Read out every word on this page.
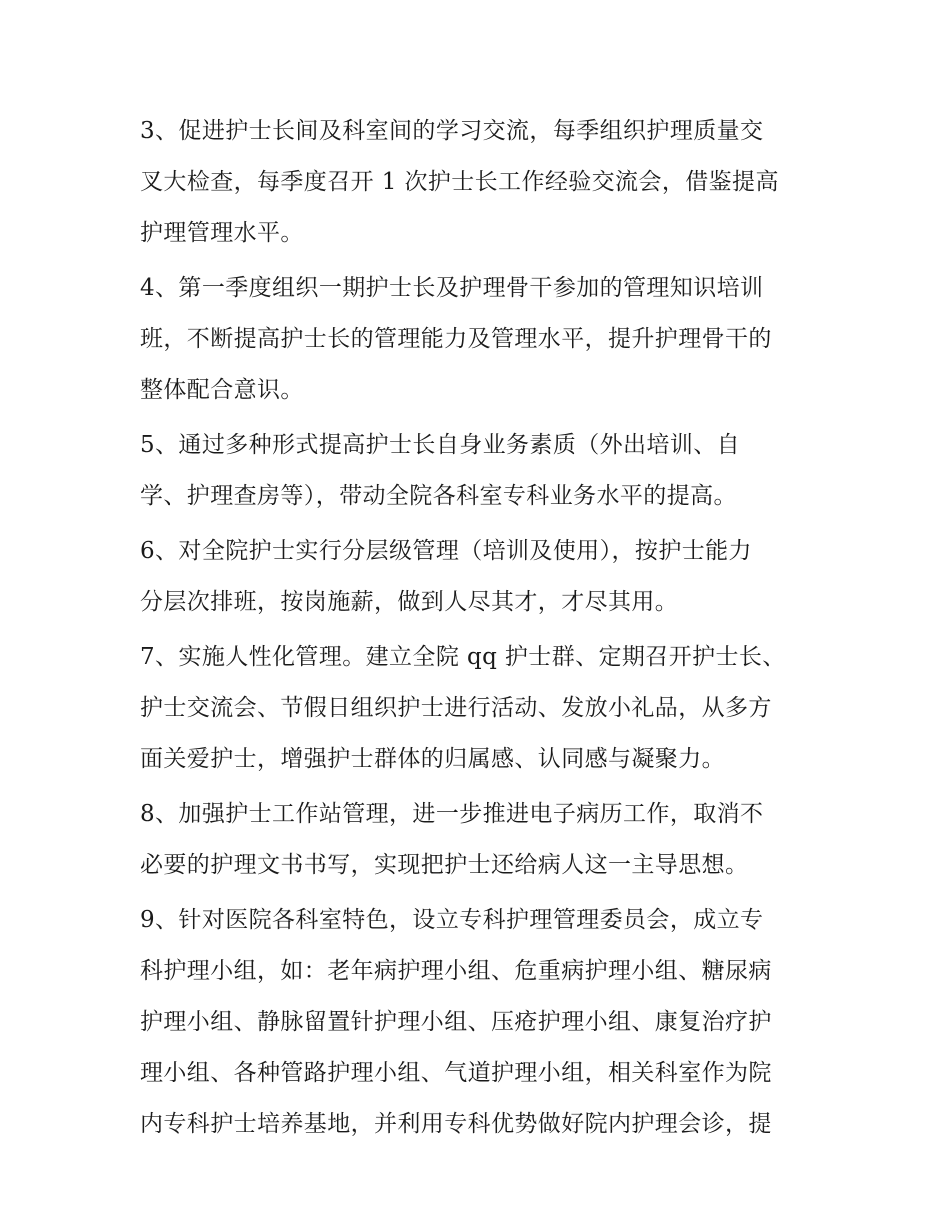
3、促进护士长间及科室间的学习交流，每季组织护理质量交
叉大检查，每季度召开 1 次护士长工作经验交流会，借鉴提高
护理管理水平。
4、第一季度组织一期护士长及护理骨干参加的管理知识培训
班，不断提高护士长的管理能力及管理水平，提升护理骨干的
整体配合意识。
5、通过多种形式提高护士长自身业务素质（外出培训、自
学、护理查房等），带动全院各科室专科业务水平的提高。
6、对全院护士实行分层级管理（培训及使用），按护士能力
分层次排班，按岗施薪，做到人尽其才，才尽其用。
7、实施人性化管理。建立全院 qq 护士群、定期召开护士长、
护士交流会、节假日组织护士进行活动、发放小礼品，从多方
面关爱护士，增强护士群体的归属感、认同感与凝聚力。
8、加强护士工作站管理，进一步推进电子病历工作，取消不
必要的护理文书书写，实现把护士还给病人这一主导思想。
9、针对医院各科室特色，设立专科护理管理委员会，成立专
科护理小组，如：老年病护理小组、危重病护理小组、糖尿病
护理小组、静脉留置针护理小组、压疮护理小组、康复治疗护
理小组、各种管路护理小组、气道护理小组，相关科室作为院
内专科护士培养基地，并利用专科优势做好院内护理会诊，提
